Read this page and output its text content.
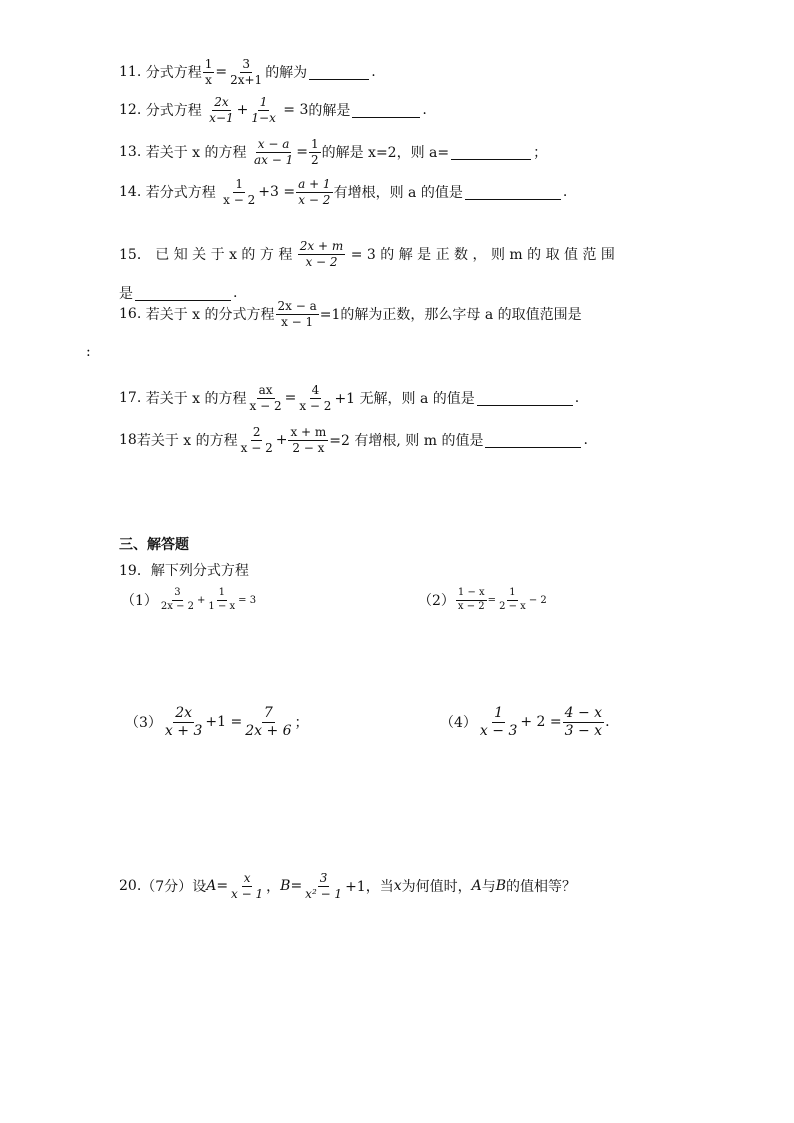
11.
分式方程 $\frac{1}{x} = \frac{3}{2x+1}$ 的解为	.
12.
分式方程
$\frac{2x}{x-1} + \frac{1}{1-x}$
= 3 的解是	.
13.
若关于 x 的方程
$\frac{x - a}{ax - 1} = \frac{1}{2}$ 的解是 x=2，则 a=	；
14.
若分式方程
$\frac{1}{x - 2} +3 = \frac{a + 1}{x - 2}$ 有增根，则 a 的值是	.
15．
已 知 关 于 x 的 方 程
$\frac{2x + m}{x - 2}$
= 3 的 解 是 正 数 ， 则 m 的 取 值 范 围
是	.
16.
若关于 x 的分式方程 $\frac{2x - a}{x - 1} =1$的解为正数，那么字母 a 的取值范围是
:
17.
若关于 x 的方程 $\frac{ax}{x - 2} = \frac{4}{x - 2} +1$ 无解，则 a 的值是	.
18 若关于 x 的方程 $\frac{2}{x - 2} + \frac{x + m}{2 - x} =2$ 有增根, 则 m 的值是	.
三、解答题
19．解下列分式方程
$(1) \frac{3}{2x - 2} + \frac{1}{1 - x} = 3$	$(2) \frac{1 - x}{x - 2} = \frac{1}{2 - x} - 2$
$(3) \frac{2x}{x + 3} +1 = \frac{7}{2x + 6}$ ；	$(4) \frac{1}{x - 3} + 2 = \frac{4 - x}{3 - x}$ .
20. （7分） 设 $A = \frac{x}{x - 1}$ ， $B = \frac{3}{\text{x² − 1}} +1$，当 x 为何值时， A 与 B 的值相等？
